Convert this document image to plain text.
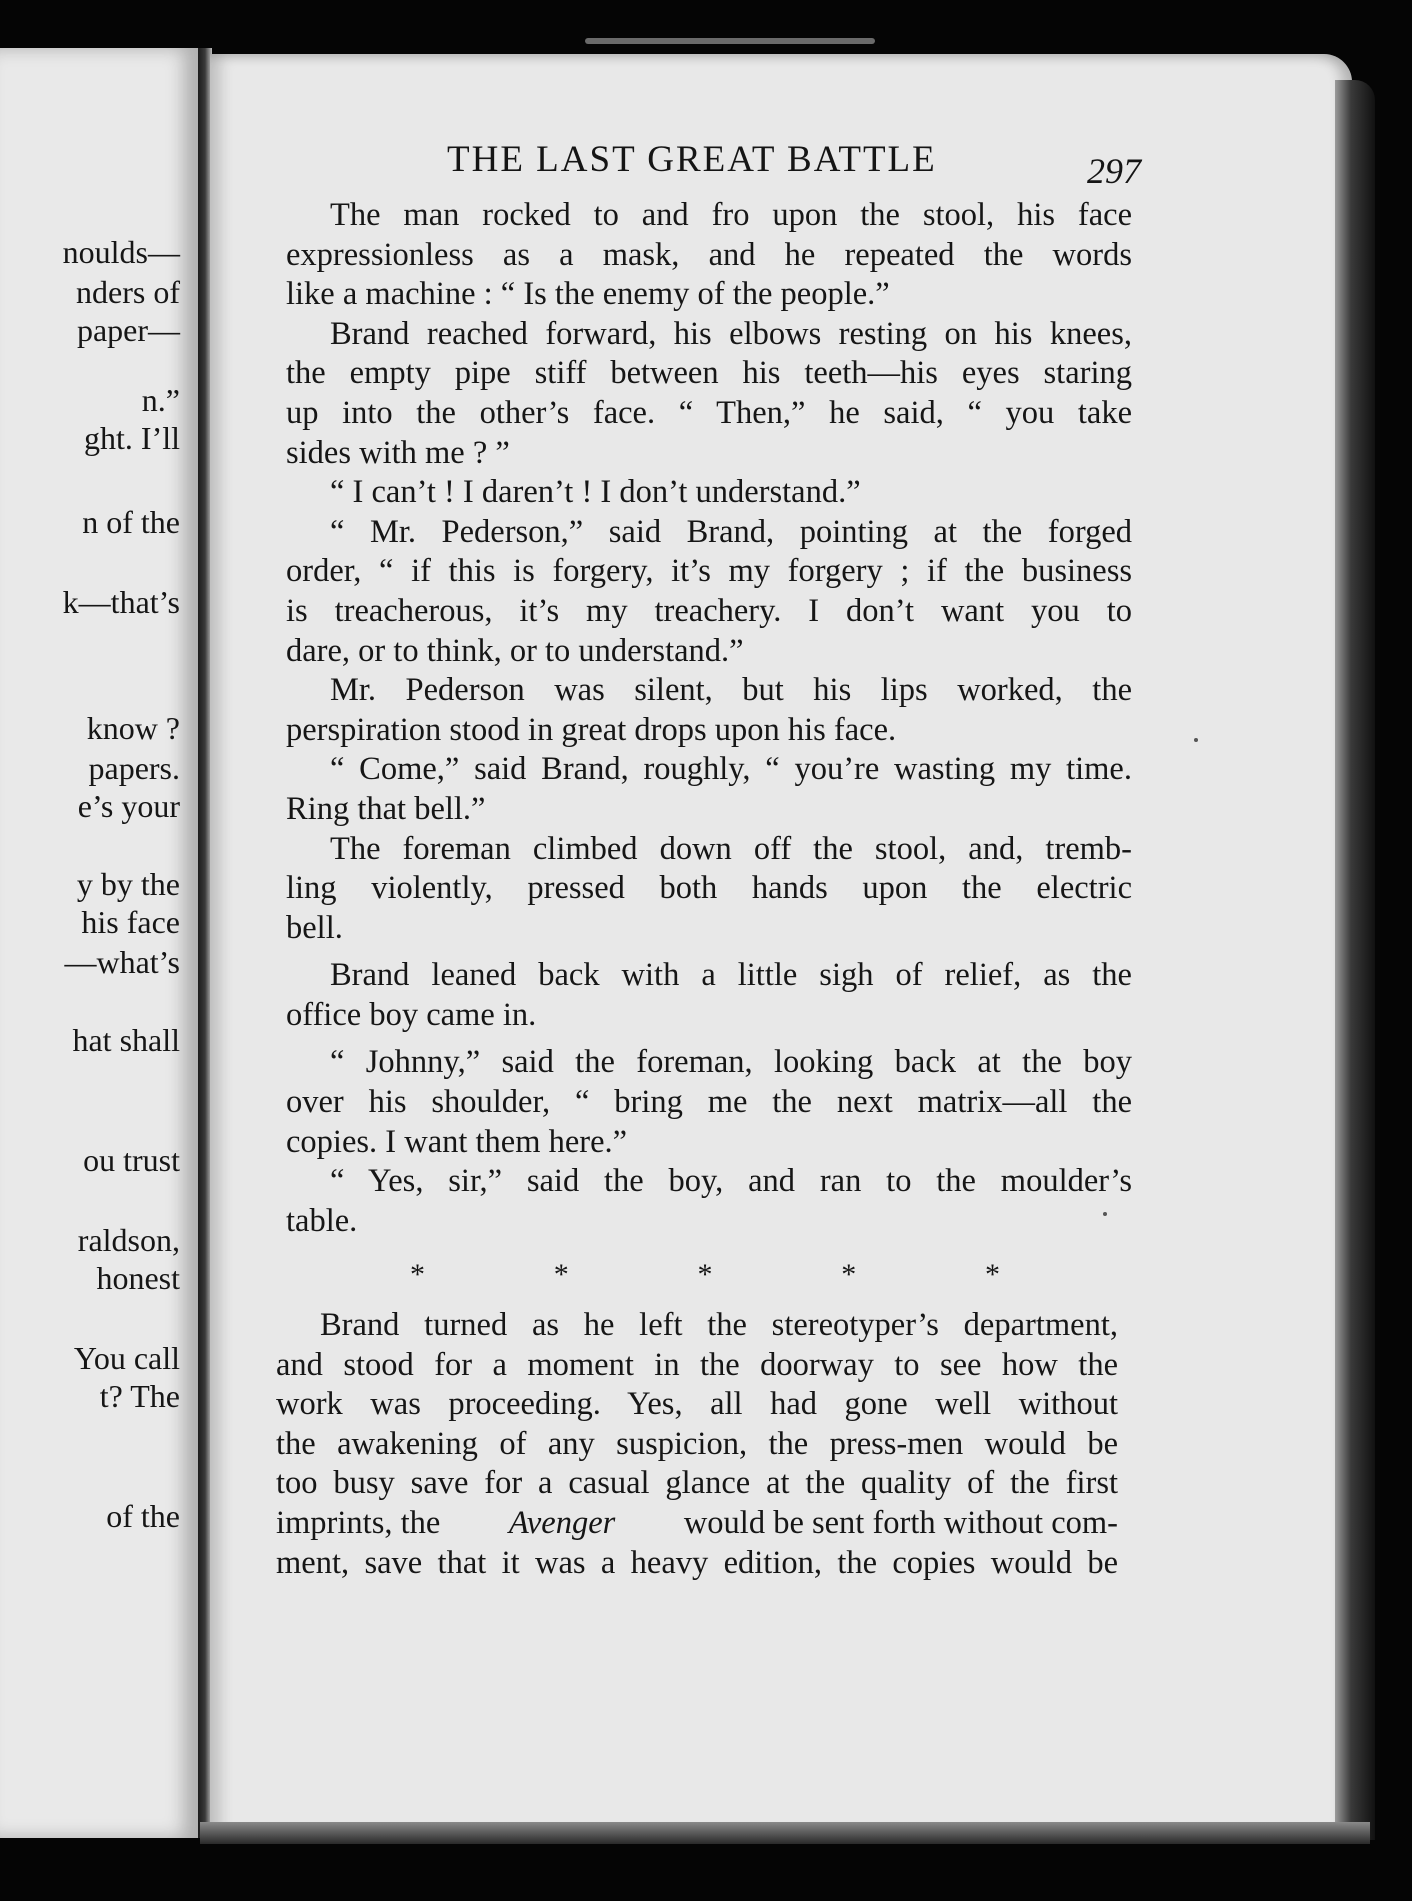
noulds—
nders of
paper—
n.”
ght. I’ll
n of the
k—that’s
know ?
papers.
e’s your
y by the
his face
—what’s
hat shall
ou trust
raldson,
honest
You call
t? The
of the
THE LAST GREAT BATTLE	297
The man rocked to and fro upon the stool, his face
expressionless as a mask, and he repeated the words
like a machine : “ Is the enemy of the people.”
Brand reached forward, his elbows resting on his knees,
the empty pipe stiff between his teeth—his eyes staring
up into the other’s face. “ Then,” he said, “ you take
sides with me ? ”
“ I can’t ! I daren’t ! I don’t understand.”
“ Mr. Pederson,” said Brand, pointing at the forged
order, “ if this is forgery, it’s my forgery ; if the business
is treacherous, it’s my treachery. I don’t want you to
dare, or to think, or to understand.”
Mr. Pederson was silent, but his lips worked, the
perspiration stood in great drops upon his face.
“ Come,” said Brand, roughly, “ you’re wasting my time.
Ring that bell.”
The foreman climbed down off the stool, and, tremb-
ling violently, pressed both hands upon the electric
bell.
Brand leaned back with a little sigh of relief, as the
office boy came in.
“ Johnny,” said the foreman, looking back at the boy
over his shoulder, “ bring me the next matrix—all the
copies. I want them here.”
“ Yes, sir,” said the boy, and ran to the moulder’s
table.
*	*	*	*	*
Brand turned as he left the stereotyper’s department,
and stood for a moment in the doorway to see how the
work was proceeding. Yes, all had gone well without
the awakening of any suspicion, the press-men would be
too busy save for a casual glance at the quality of the first
imprints, the Avenger would be sent forth without com-
ment, save that it was a heavy edition, the copies would be
